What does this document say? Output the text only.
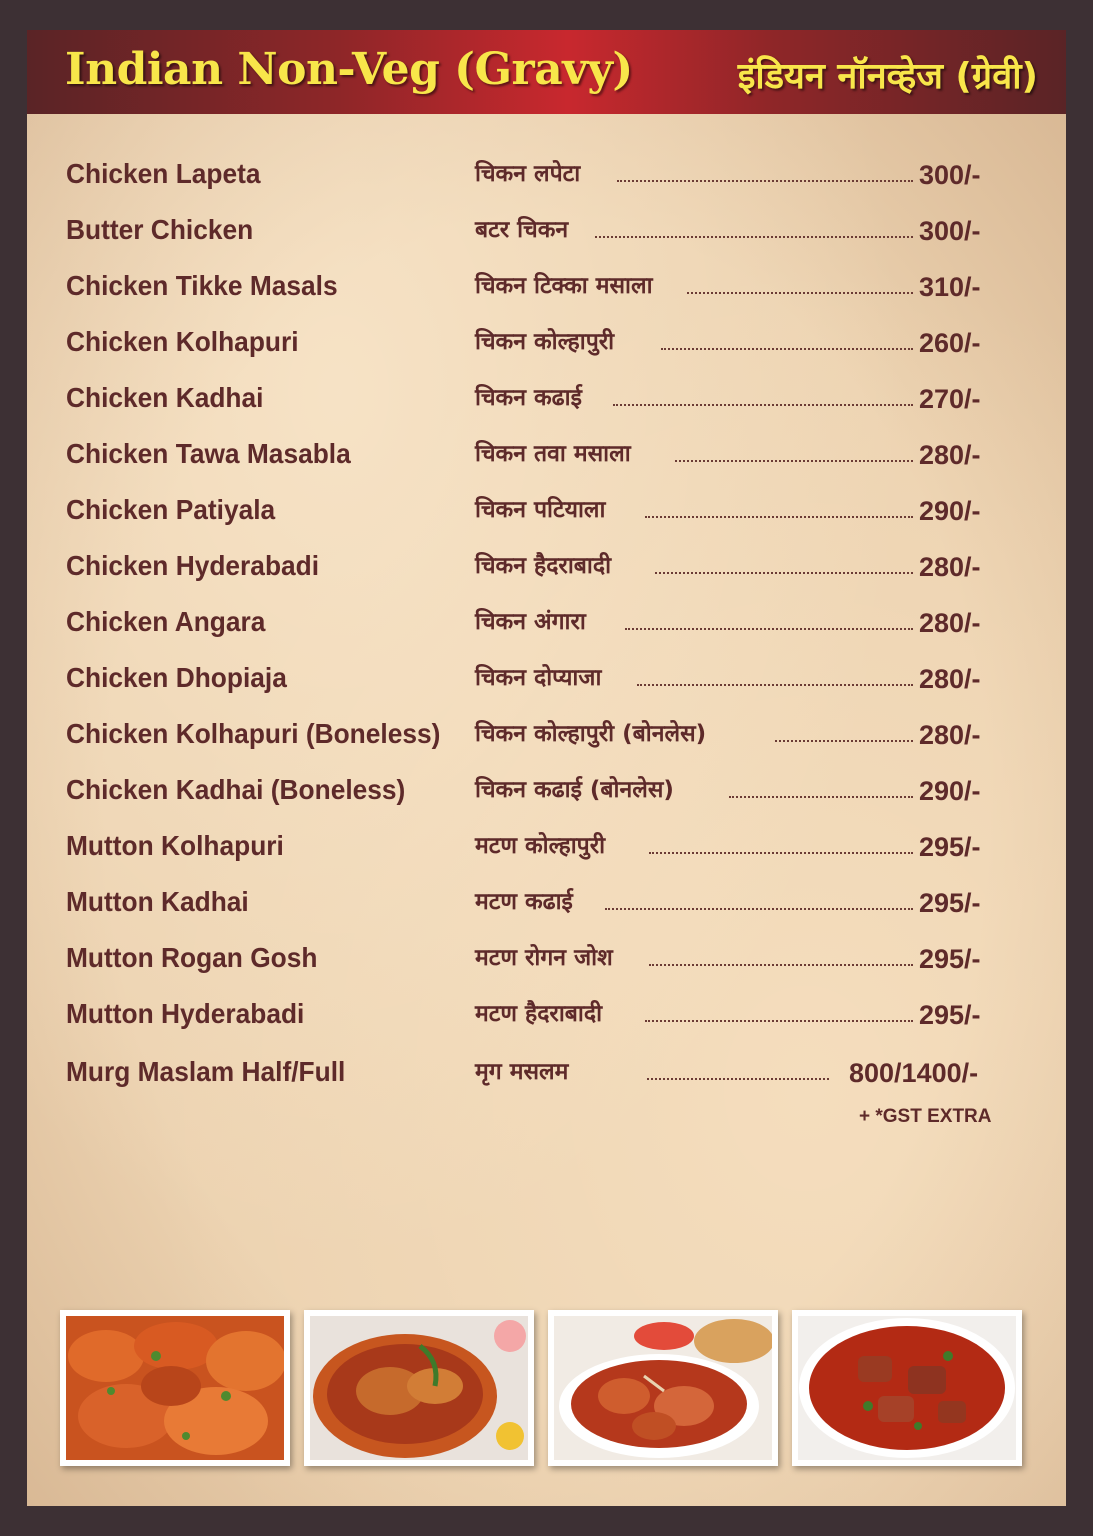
Indian Non-Veg (Gravy)	इंडियन नॉनव्हेज (ग्रेवी)
Chicken Lapeta	चिकन लपेटा	300/-
Butter Chicken	बटर चिकन	300/-
Chicken Tikke Masals	चिकन टिक्का मसाला	310/-
Chicken Kolhapuri	चिकन कोल्हापुरी	260/-
Chicken Kadhai	चिकन कढाई	270/-
Chicken Tawa Masabla	चिकन तवा मसाला	280/-
Chicken Patiyala	चिकन पटियाला	290/-
Chicken Hyderabadi	चिकन हैदराबादी	280/-
Chicken Angara	चिकन अंगारा	280/-
Chicken Dhopiaja	चिकन दोप्याजा	280/-
Chicken Kolhapuri (Boneless) चिकन कोल्हापुरी (बोनलेस)	280/-
Chicken Kadhai (Boneless)	चिकन कढाई (बोनलेस)	290/-
Mutton Kolhapuri	मटण कोल्हापुरी	295/-
Mutton Kadhai	मटण कढाई	295/-
Mutton Rogan Gosh	मटण रोगन जोश	295/-
Mutton Hyderabadi	मटण हैदराबादी	295/-
Murg Maslam Half/Full	मृग मसलम	800/1400/-
+ *GST EXTRA
